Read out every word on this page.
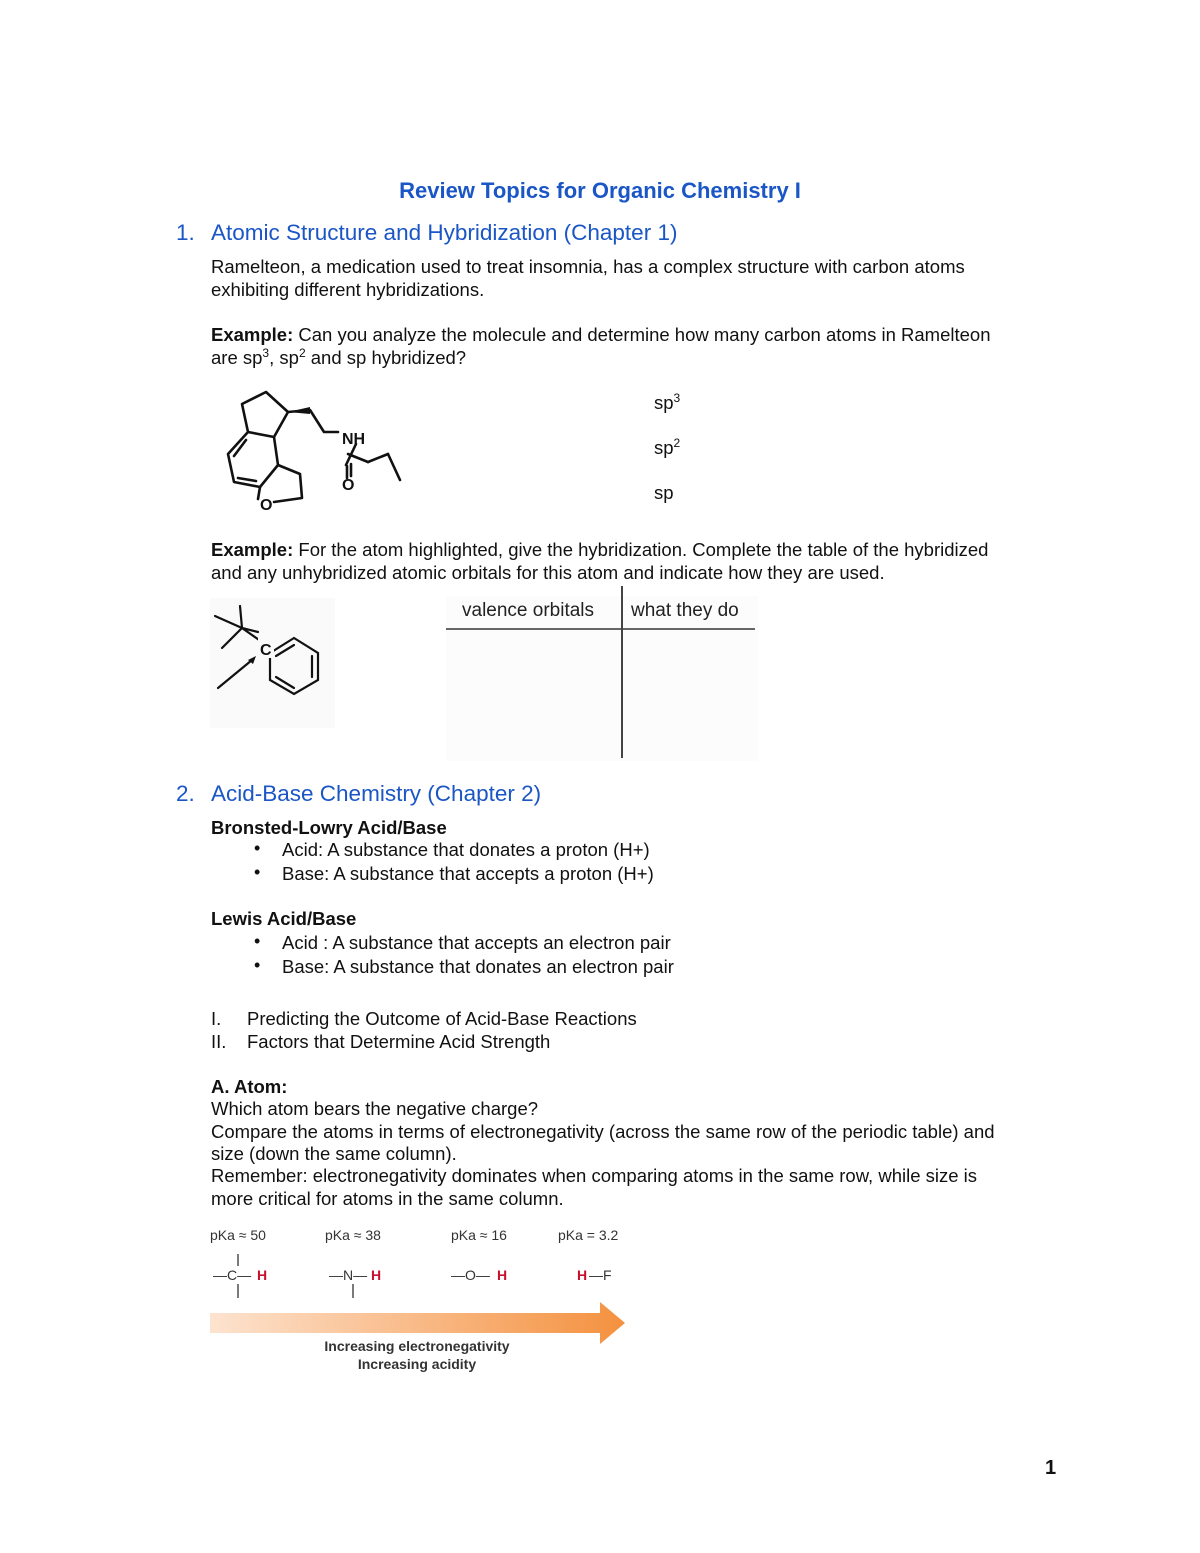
Review Topics for Organic Chemistry I
1. Atomic Structure and Hybridization (Chapter 1)
Ramelteon, a medication used to treat insomnia, has a complex structure with carbon atoms
exhibiting different hybridizations.
Example: Can you analyze the molecule and determine how many carbon atoms in Ramelteon
are $sp^3$, $sp^2$ and sp hybridized?
NH
O
O
$sp^3$
$sp^2$
sp
Example: For the atom highlighted, give the hybridization. Complete the table of the hybridized
and any unhybridized atomic orbitals for this atom and indicate how they are used.
C
valence orbitals what they do
2. Acid-Base Chemistry (Chapter 2)
Bronsted-Lowry Acid/Base
• Acid: A substance that donates a proton (H+)
• Base: A substance that accepts a proton (H+)
Lewis Acid/Base
• Acid : A substance that accepts an electron pair
• Base: A substance that donates an electron pair
I. Predicting the Outcome of Acid-Base Reactions
II. Factors that Determine Acid Strength
A. Atom:
Which atom bears the negative charge?
Compare the atoms in terms of electronegativity (across the same row of the periodic table) and
size (down the same column).
Remember: electronegativity dominates when comparing atoms in the same row, while size is
more critical for atoms in the same column.
pKa ≈ 50	pKa ≈ 38	pKa ≈ 16	pKa = 3.2
—C— H	—N— H	—O— H	H —F
Increasing electronegativity
Increasing acidity
1
